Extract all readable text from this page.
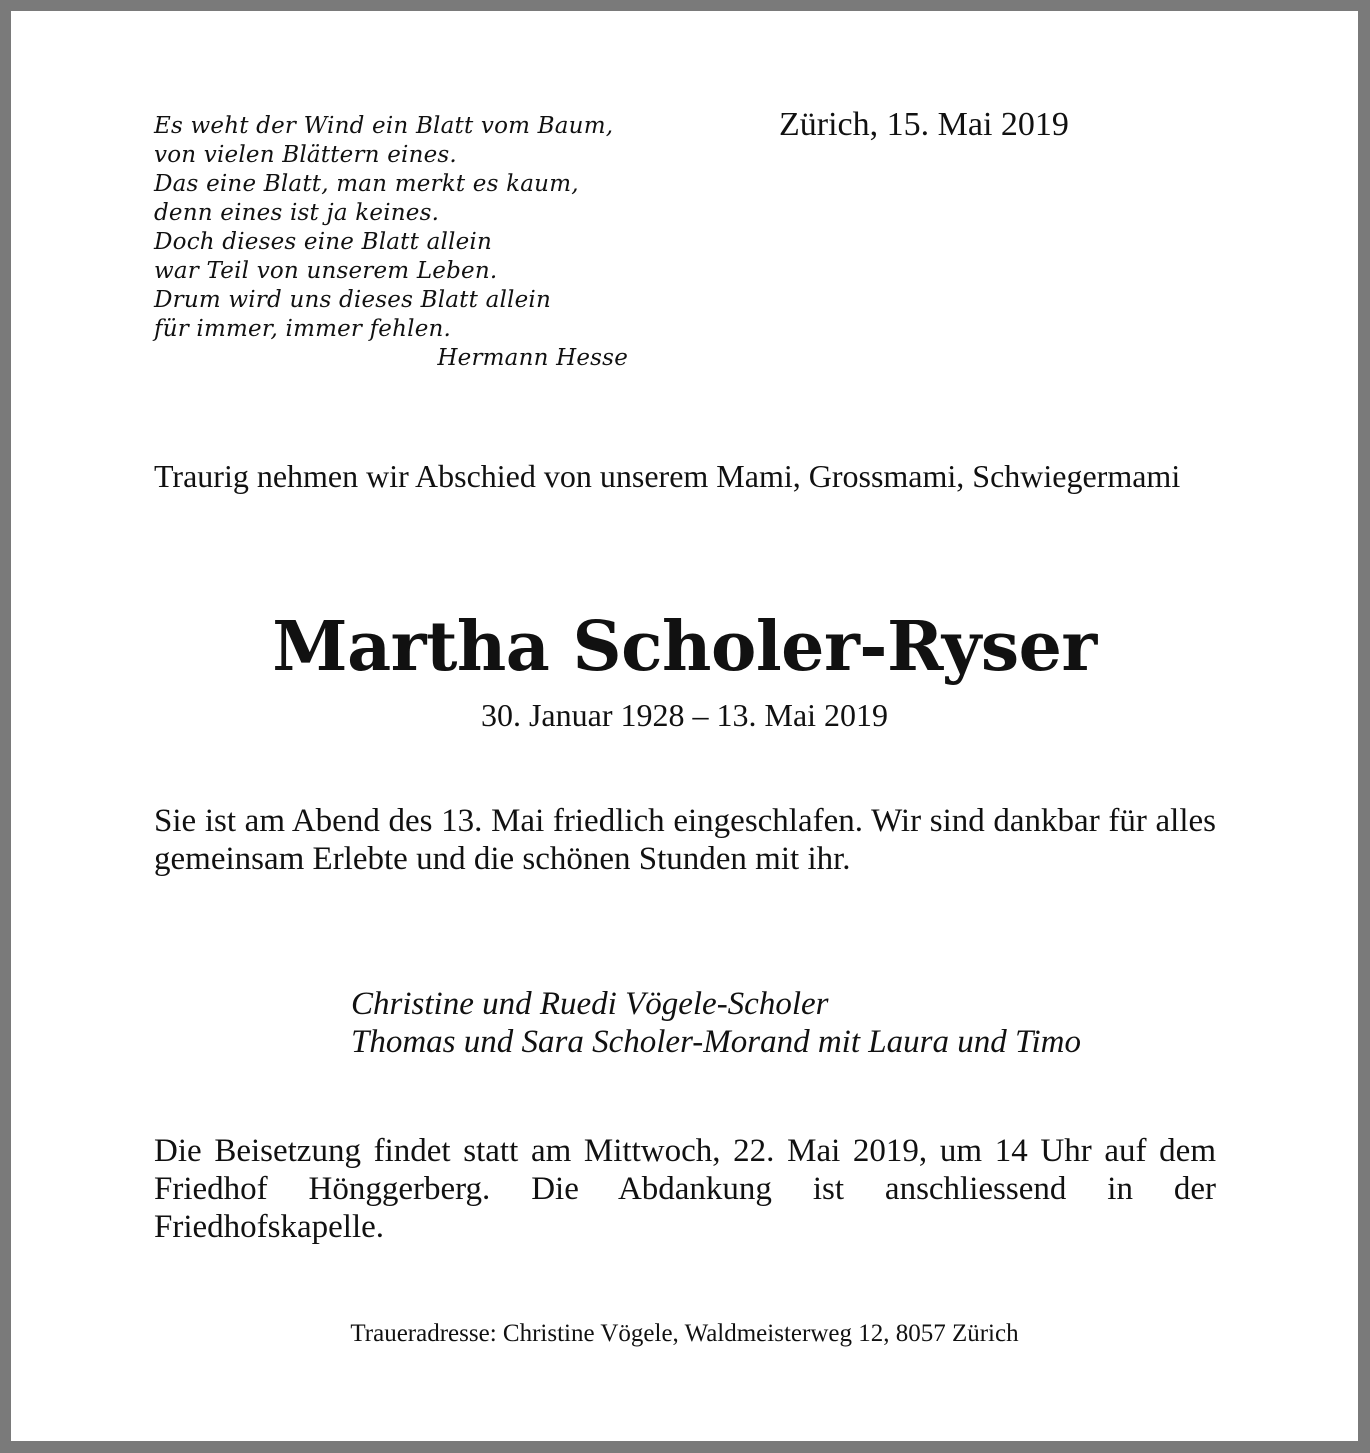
Es weht der Wind ein Blatt vom Baum,
von vielen Blättern eines.
Das eine Blatt, man merkt es kaum,
denn eines ist ja keines.
Doch dieses eine Blatt allein
war Teil von unserem Leben.
Drum wird uns dieses Blatt allein
für immer, immer fehlen.
Hermann Hesse
Zürich, 15. Mai 2019

Traurig nehmen wir Abschied von unserem Mami, Grossmami, Schwiegermami

Martha Scholer-Ryser
30. Januar 1928 – 13. Mai 2019

Sie ist am Abend des 13. Mai friedlich eingeschlafen. Wir sind dankbar für alles gemeinsam Erlebte und die schönen Stunden mit ihr.

Christine und Ruedi Vögele-Scholer
Thomas und Sara Scholer-Morand mit Laura und Timo

Die Beisetzung findet statt am Mittwoch, 22. Mai 2019, um 14 Uhr auf dem Friedhof Hönggerberg. Die Abdankung ist anschliessend in der Friedhofskapelle.

Traueradresse: Christine Vögele, Waldmeisterweg 12, 8057 Zürich
